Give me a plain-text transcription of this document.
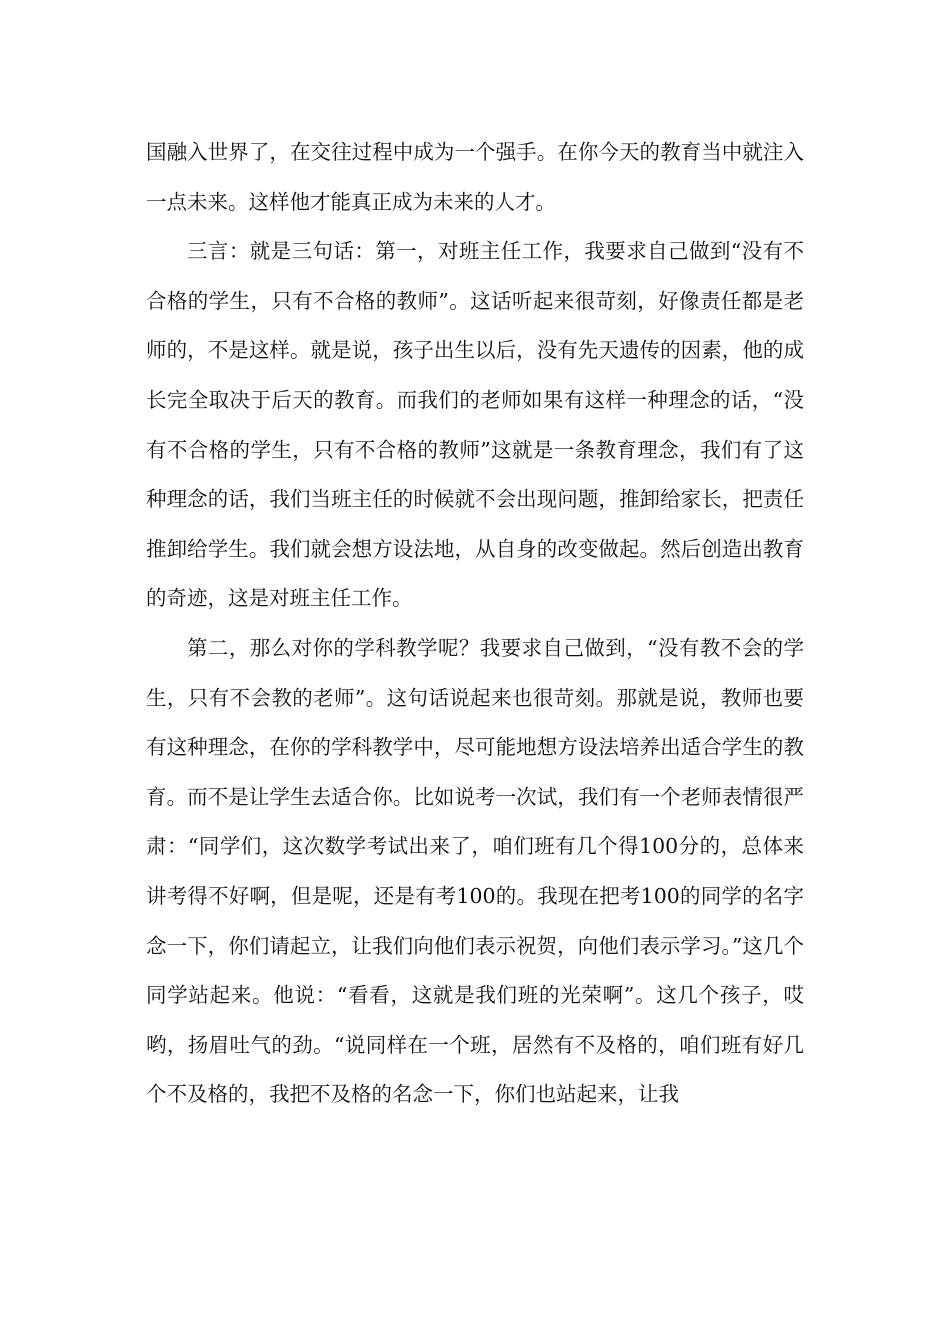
国融入世界了，在交往过程中成为一个强手。在你今天的教育当中就注入一点未来。这样他才能真正成为未来的人才。

三言：就是三句话：第一，对班主任工作，我要求自己做到“没有不合格的学生，只有不合格的教师”。这话听起来很苛刻，好像责任都是老师的，不是这样。就是说，孩子出生以后，没有先天遗传的因素，他的成长完全取决于后天的教育。而我们的老师如果有这样一种理念的话，“没有不合格的学生，只有不合格的教师”这就是一条教育理念，我们有了这种理念的话，我们当班主任的时候就不会出现问题，推卸给家长，把责任推卸给学生。我们就会想方设法地，从自身的改变做起。然后创造出教育的奇迹，这是对班主任工作。

第二，那么对你的学科教学呢？我要求自己做到，“没有教不会的学生，只有不会教的老师”。这句话说起来也很苛刻。那就是说，教师也要有这种理念，在你的学科教学中，尽可能地想方设法培养出适合学生的教育。而不是让学生去适合你。比如说考一次试，我们有一个老师表情很严肃：“同学们，这次数学考试出来了，咱们班有几个得100分的，总体来讲考得不好啊，但是呢，还是有考100的。我现在把考100的同学的名字念一下，你们请起立，让我们向他们表示祝贺，向他们表示学习。”这几个同学站起来。他说：“看看，这就是我们班的光荣啊”。这几个孩子，哎哟，扬眉吐气的劲。“说同样在一个班，居然有不及格的，咱们班有好几个不及格的，我把不及格的名念一下，你们也站起来，让我
